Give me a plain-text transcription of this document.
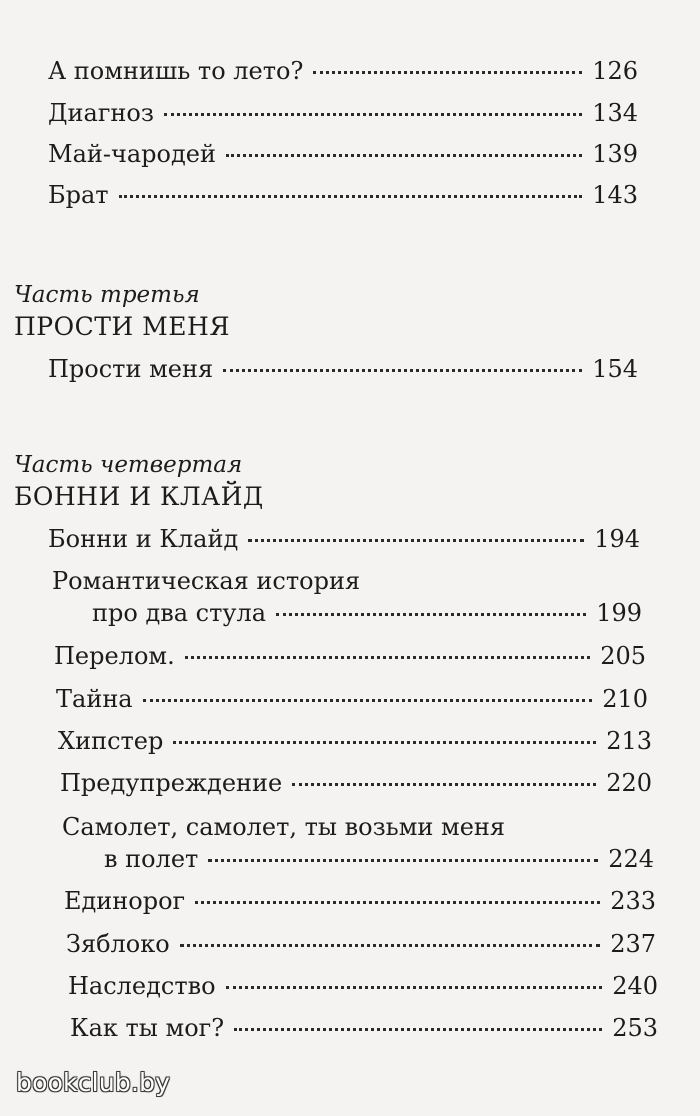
А помнишь то лето?	126
Диагноз	134
Май-чародей	139
Брат	143
Часть третья
ПРОСТИ МЕНЯ
Прости меня	154
Часть четвертая
БОННИ И КЛАЙД
Бонни и Клайд	194
Романтическая история
про два стула	199
Перелом.	205
Тайна	210
Хипстер	213
Предупреждение	220
Самолет, самолет, ты возьми меня
в полет	224
Единорог	233
Зяблоко	237
Наследство	240
Как ты мог?	253
bookclub.by
